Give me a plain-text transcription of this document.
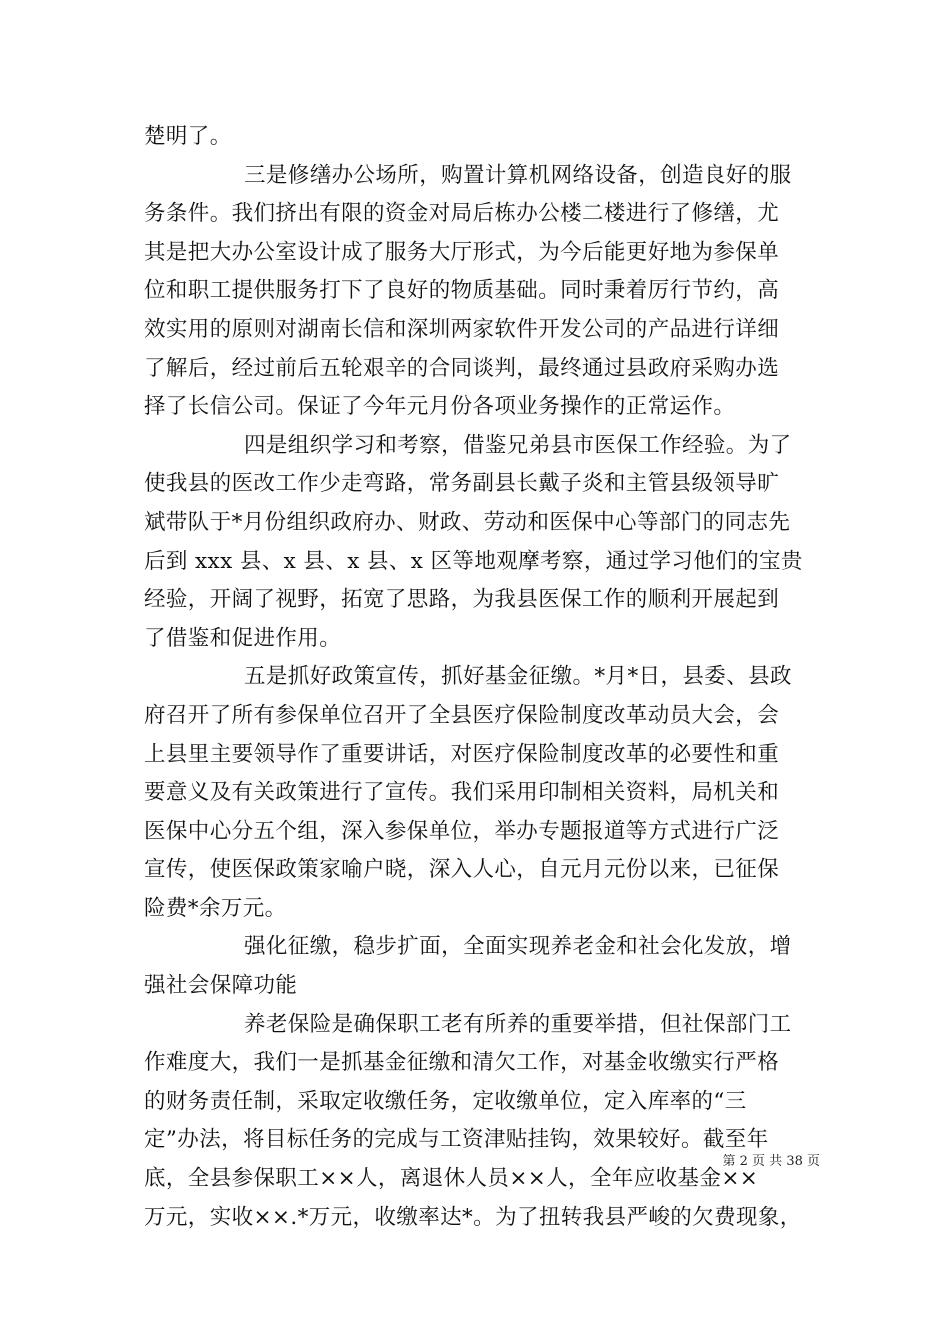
楚明了。
三是修缮办公场所，购置计算机网络设备，创造良好的服
务条件。我们挤出有限的资金对局后栋办公楼二楼进行了修缮，尤
其是把大办公室设计成了服务大厅形式，为今后能更好地为参保单
位和职工提供服务打下了良好的物质基础。同时秉着厉行节约，高
效实用的原则对湖南长信和深圳两家软件开发公司的产品进行详细
了解后，经过前后五轮艰辛的合同谈判，最终通过县政府采购办选
择了长信公司。保证了今年元月份各项业务操作的正常运作。
四是组织学习和考察，借鉴兄弟县市医保工作经验。为了
使我县的医改工作少走弯路，常务副县长戴子炎和主管县级领导旷
斌带队于*月份组织政府办、财政、劳动和医保中心等部门的同志先
后到 xxx 县、x 县、x 县、x 区等地观摩考察，通过学习他们的宝贵
经验，开阔了视野，拓宽了思路，为我县医保工作的顺利开展起到
了借鉴和促进作用。
五是抓好政策宣传，抓好基金征缴。*月*日，县委、县政
府召开了所有参保单位召开了全县医疗保险制度改革动员大会，会
上县里主要领导作了重要讲话，对医疗保险制度改革的必要性和重
要意义及有关政策进行了宣传。我们采用印制相关资料，局机关和
医保中心分五个组，深入参保单位，举办专题报道等方式进行广泛
宣传，使医保政策家喻户晓，深入人心，自元月元份以来，已征保
险费*余万元。
强化征缴，稳步扩面，全面实现养老金和社会化发放，增
强社会保障功能
养老保险是确保职工老有所养的重要举措，但社保部门工
作难度大，我们一是抓基金征缴和清欠工作，对基金收缴实行严格
的财务责任制，采取定收缴任务，定收缴单位，定入库率的“三
定”办法，将目标任务的完成与工资津贴挂钩，效果较好。截至年
底，全县参保职工××人，离退休人员××人，全年应收基金××
万元，实收××.*万元，收缴率达*。为了扭转我县严峻的欠费现象，
第 2 页 共 38 页
